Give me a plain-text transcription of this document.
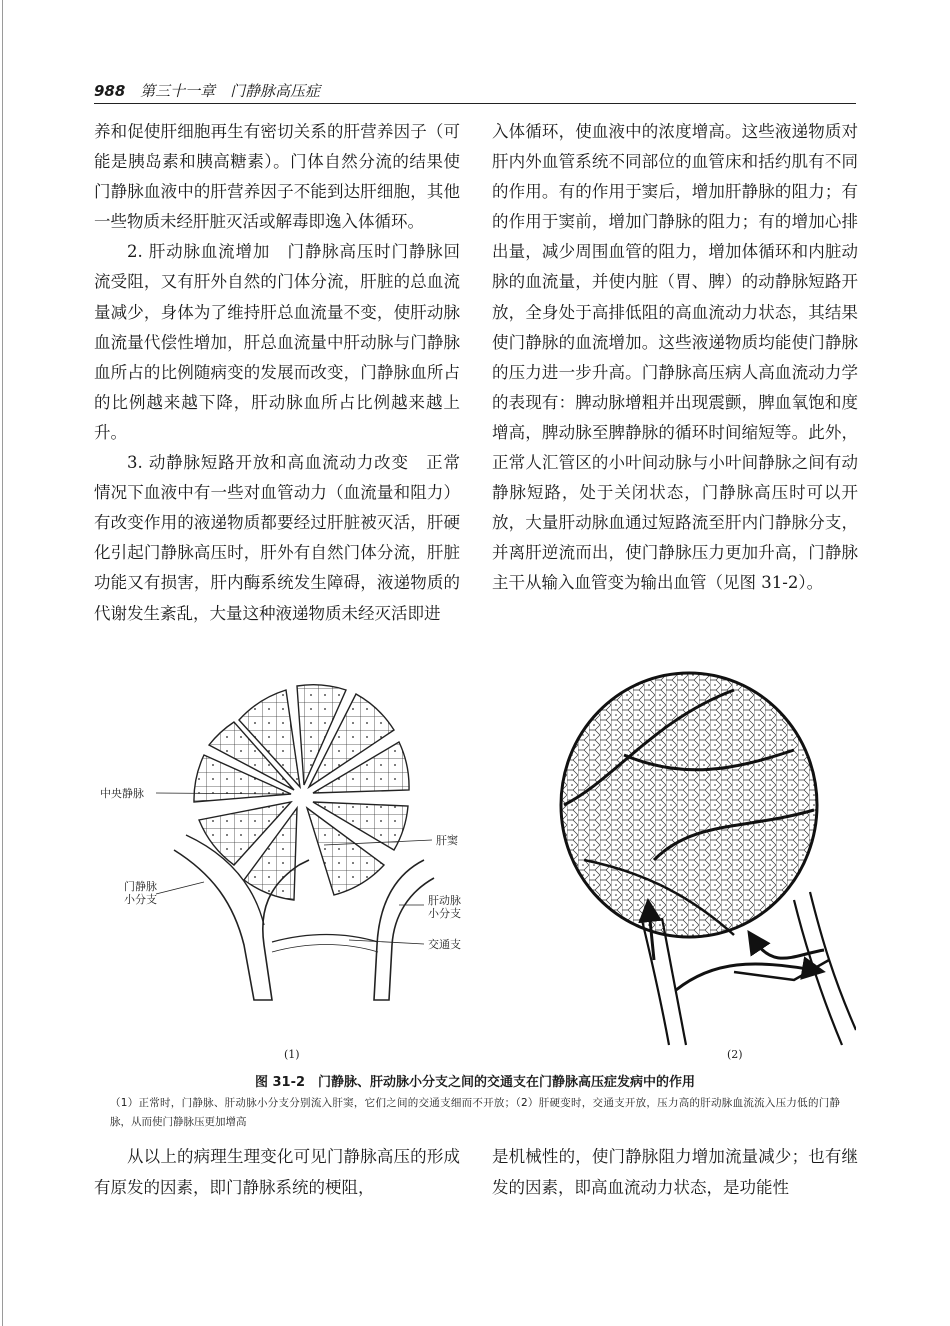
988 第三十一章　门静脉高压症

养和促使肝细胞再生有密切关系的肝营养因子（可能是胰岛素和胰高糖素）。门体自然分流的结果使门静脉血液中的肝营养因子不能到达肝细胞，其他一些物质未经肝脏灭活或解毒即逸入体循环。

2. 肝动脉血流增加　门静脉高压时门静脉回流受阻，又有肝外自然的门体分流，肝脏的总血流量减少，身体为了维持肝总血流量不变，使肝动脉血流量代偿性增加，肝总血流量中肝动脉与门静脉血所占的比例随病变的发展而改变，门静脉血所占的比例越来越下降，肝动脉血所占比例越来越上升。

3. 动静脉短路开放和高血流动力改变　正常情况下血液中有一些对血管动力（血流量和阻力）有改变作用的液递物质都要经过肝脏被灭活，肝硬化引起门静脉高压时，肝外有自然门体分流，肝脏功能又有损害，肝内酶系统发生障碍，液递物质的代谢发生紊乱，大量这种液递物质未经灭活即进

入体循环，使血液中的浓度增高。这些液递物质对肝内外血管系统不同部位的血管床和括约肌有不同的作用。有的作用于窦后，增加肝静脉的阻力；有的作用于窦前，增加门静脉的阻力；有的增加心排出量，减少周围血管的阻力，增加体循环和内脏动脉的血流量，并使内脏（胃、脾）的动静脉短路开放，全身处于高排低阻的高血流动力状态，其结果使门静脉的血流增加。这些液递物质均能使门静脉的压力进一步升高。门静脉高压病人高血流动力学的表现有：脾动脉增粗并出现震颤，脾血氧饱和度增高，脾动脉至脾静脉的循环时间缩短等。此外，正常人汇管区的小叶间动脉与小叶间静脉之间有动静脉短路，处于关闭状态，门静脉高压时可以开放，大量肝动脉血通过短路流至肝内门静脉分支，并离肝逆流而出，使门静脉压力更加升高，门静脉主干从输入血管变为输出血管（见图 31-2）。

中央静脉
肝窦
门静脉
小分支	肝动脉
小分支
交通支
(1)	(2)
图 31-2　门静脉、肝动脉小分支之间的交通支在门静脉高压症发病中的作用
（1）正常时，门静脉、肝动脉小分支分别流入肝窦，它们之间的交通支细而不开放；（2）肝硬变时，交通支开放，压力高的肝动脉血流流入压力低的门静脉，从而使门静脉压更加增高

从以上的病理生理变化可见门静脉高压的形成有原发的因素，即门静脉系统的梗阻，

是机械性的，使门静脉阻力增加流量减少；也有继发的因素，即高血流动力状态，是功能性
